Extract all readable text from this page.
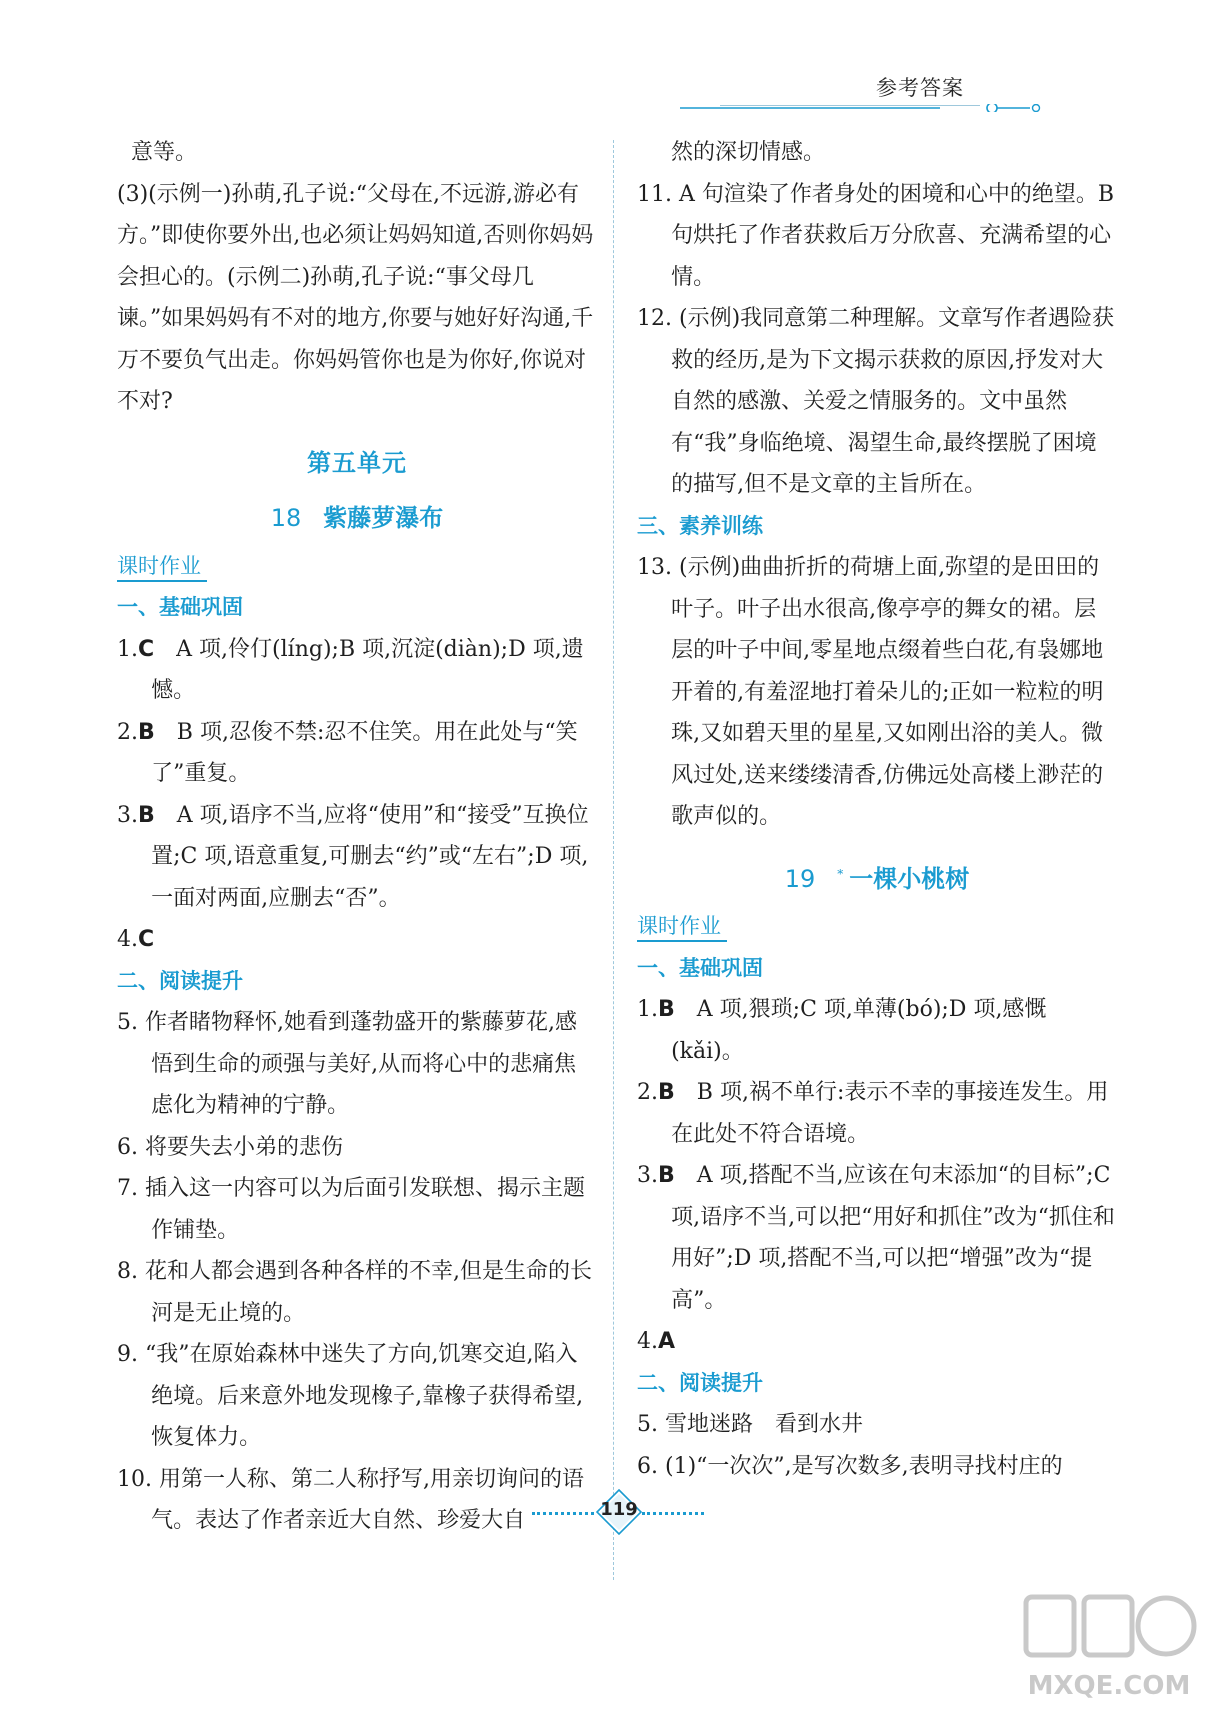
参考答案
意等。
(3)(示例一)孙萌,孔子说:“父母在,不远游,游必有方。”即使你要外出,也必须让妈妈知道,否则你妈妈会担心的。(示例二)孙萌,孔子说:“事父母几谏。”如果妈妈有不对的地方,你要与她好好沟通,千万不要负气出走。你妈妈管你也是为你好,你说对不对?
第五单元
18 紫藤萝瀑布
课时作业
一、基础巩固
1.C　 A 项,伶仃(líng);B 项,沉淀(diàn);D 项,遗憾。
2.B　 B 项,忍俊不禁:忍不住笑。用在此处与“笑了”重复。
3.B　 A 项,语序不当,应将“使用”和“接受”互换位置;C 项,语意重复,可删去“约”或“左右”;D 项,一面对两面,应删去“否”。
4.C
二、阅读提升
5. 作者睹物释怀,她看到蓬勃盛开的紫藤萝花,感悟到生命的顽强与美好,从而将心中的悲痛焦虑化为精神的宁静。
6. 将要失去小弟的悲伤
7. 插入这一内容可以为后面引发联想、揭示主题作铺垫。
8. 花和人都会遇到各种各样的不幸,但是生命的长河是无止境的。
9. “我”在原始森林中迷失了方向,饥寒交迫,陷入绝境。后来意外地发现橡子,靠橡子获得希望,恢复体力。
10. 用第一人称、第二人称抒写,用亲切询问的语气。表达了作者亲近大自然、珍爱大自
然的深切情感。
11. A 句渲染了作者身处的困境和心中的绝望。B 句烘托了作者获救后万分欣喜、充满希望的心情。
12. (示例)我同意第二种理解。文章写作者遇险获救的经历,是为下文揭示获救的原因,抒发对大自然的感激、关爱之情服务的。文中虽然有“我”身临绝境、渴望生命,最终摆脱了困境的描写,但不是文章的主旨所在。
三、素养训练
13. (示例)曲曲折折的荷塘上面,弥望的是田田的叶子。叶子出水很高,像亭亭的舞女的裙。层层的叶子中间,零星地点缀着些白花,有袅娜地开着的,有羞涩地打着朵儿的;正如一粒粒的明珠,又如碧天里的星星,又如刚出浴的美人。微风过处,送来缕缕清香,仿佛远处高楼上渺茫的歌声似的。
19 * 一棵小桃树
课时作业
一、基础巩固
1.B　 A 项,猥琐;C 项,单薄(bó);D 项,感慨(kǎi)。
2.B　 B 项,祸不单行:表示不幸的事接连发生。用在此处不符合语境。
3.B　 A 项,搭配不当,应该在句末添加“的目标”;C 项,语序不当,可以把“用好和抓住”改为“抓住和用好”;D 项,搭配不当,可以把“增强”改为“提高”。
4.A
二、阅读提升
5. 雪地迷路　看到水井
6. (1)“一次次”,是写次数多,表明寻找村庄的
119
MXQE.COM
